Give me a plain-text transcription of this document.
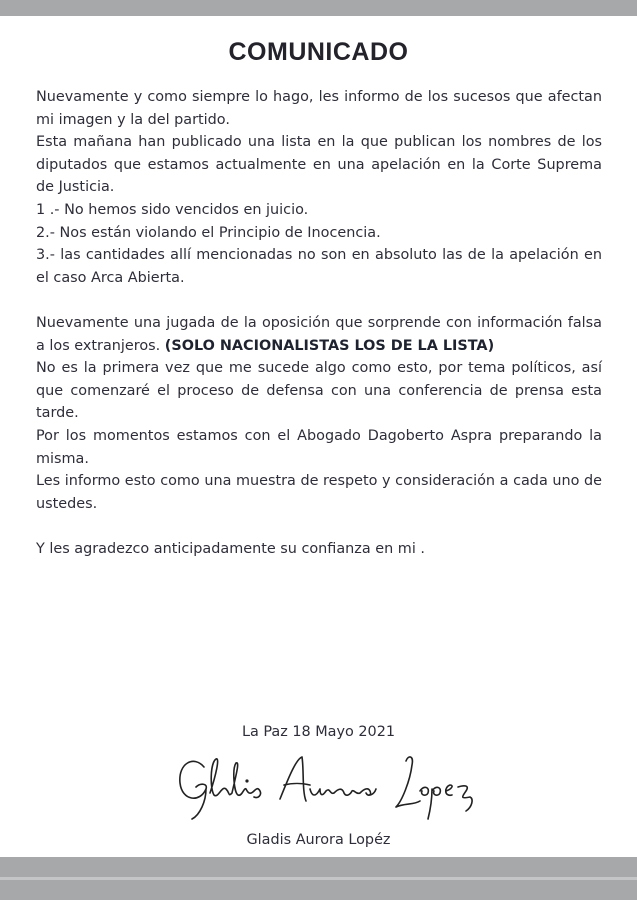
COMUNICADO

Nuevamente y como siempre lo hago, les informo de los sucesos que afectan mi imagen y la del partido.

Esta mañana han publicado una lista en la que publican los nombres de los diputados que estamos actualmente en una apelación en la Corte Suprema de Justicia.

1 .- No hemos sido vencidos en juicio.

2.- Nos están violando el Principio de Inocencia.

3.- las cantidades allí mencionadas no son en absoluto las de la apelación en el caso Arca Abierta.

Nuevamente una jugada de la oposición que sorprende con información falsa a los extranjeros. (SOLO NACIONALISTAS LOS DE LA LISTA)

No es la primera vez que me sucede algo como esto, por tema políticos, así que comenzaré el proceso de defensa con una conferencia de prensa esta tarde.

Por los momentos estamos con el Abogado Dagoberto Aspra preparando la misma.

Les informo esto como una muestra de respeto y consideración a cada uno de ustedes.

Y les agradezco anticipadamente su confianza en mi .

La Paz 18 Mayo 2021
Gladis Aurora Lopéz
